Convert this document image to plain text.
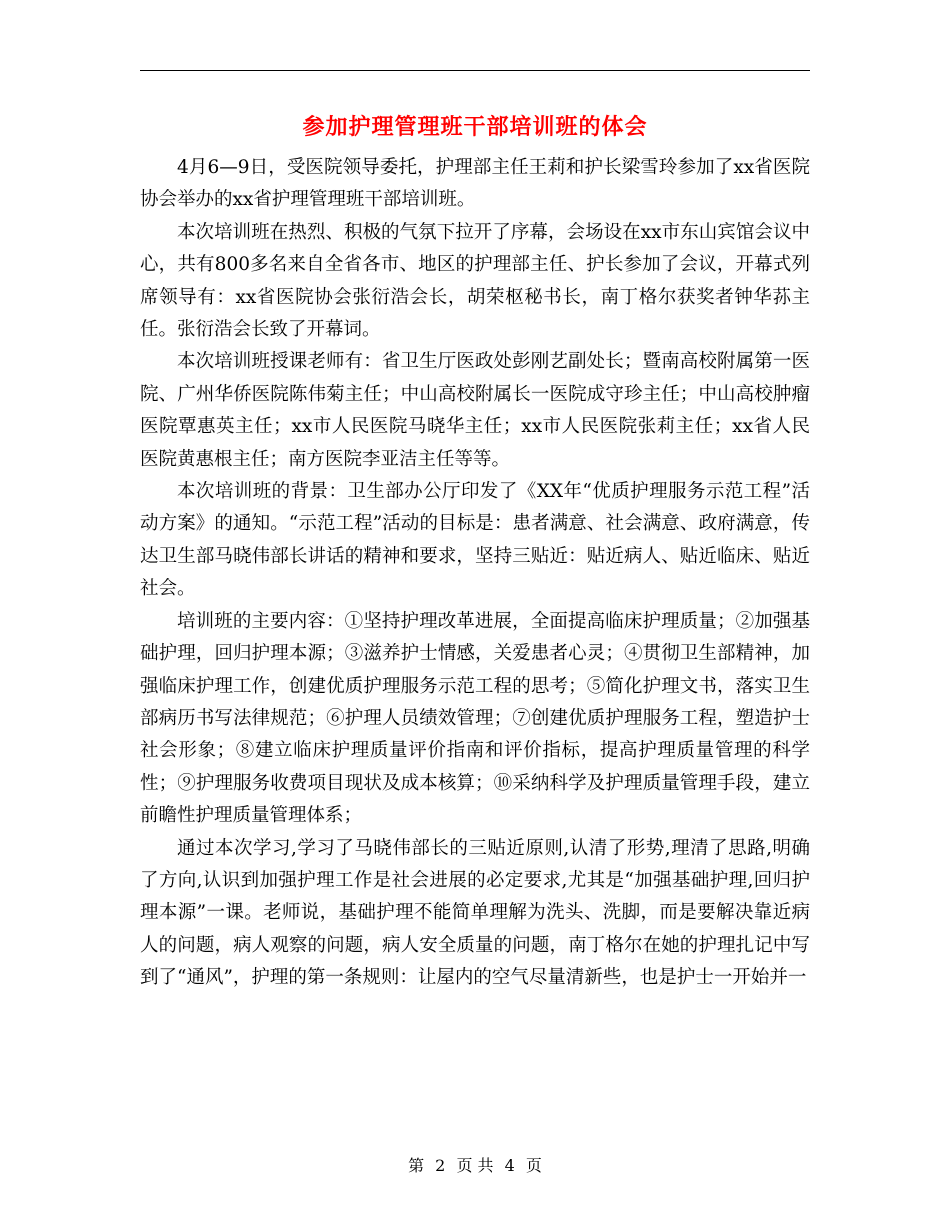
参加护理管理班干部培训班的体会

4月6—9日，受医院领导委托，护理部主任王莉和护长梁雪玲参加了xx省医院协会举办的xx省护理管理班干部培训班。

本次培训班在热烈、积极的气氛下拉开了序幕，会场设在xx市东山宾馆会议中心，共有800多名来自全省各市、地区的护理部主任、护长参加了会议，开幕式列席领导有：xx省医院协会张衍浩会长，胡荣枢秘书长，南丁格尔获奖者钟华荪主任。张衍浩会长致了开幕词。

本次培训班授课老师有：省卫生厅医政处彭刚艺副处长；暨南高校附属第一医院、广州华侨医院陈伟菊主任；中山高校附属长一医院成守珍主任；中山高校肿瘤医院覃惠英主任；xx市人民医院马晓华主任；xx市人民医院张莉主任；xx省人民医院黄惠根主任；南方医院李亚洁主任等等。

本次培训班的背景：卫生部办公厅印发了《XX年“优质护理服务示范工程”活动方案》的通知。“示范工程”活动的目标是：患者满意、社会满意、政府满意，传达卫生部马晓伟部长讲话的精神和要求，坚持三贴近：贴近病人、贴近临床、贴近社会。

培训班的主要内容：①坚持护理改革进展，全面提高临床护理质量；②加强基础护理，回归护理本源；③滋养护士情感，关爱患者心灵；④贯彻卫生部精神，加强临床护理工作，创建优质护理服务示范工程的思考；⑤简化护理文书，落实卫生部病历书写法律规范；⑥护理人员绩效管理；⑦创建优质护理服务工程，塑造护士社会形象；⑧建立临床护理质量评价指南和评价指标，提高护理质量管理的科学性；⑨护理服务收费项目现状及成本核算；⑩采纳科学及护理质量管理手段，建立前瞻性护理质量管理体系；

通过本次学习,学习了马晓伟部长的三贴近原则,认清了形势,理清了思路,明确了方向,认识到加强护理工作是社会进展的必定要求,尤其是“加强基础护理,回归护理本源”一课。老师说，基础护理不能简单理解为洗头、洗脚，而是要解决靠近病人的问题，病人观察的问题，病人安全质量的问题，南丁格尔在她的护理扎记中写到了“通风”，护理的第一条规则：让屋内的空气尽量清新些，也是护士一开始并一

第 2 页 共 4 页
